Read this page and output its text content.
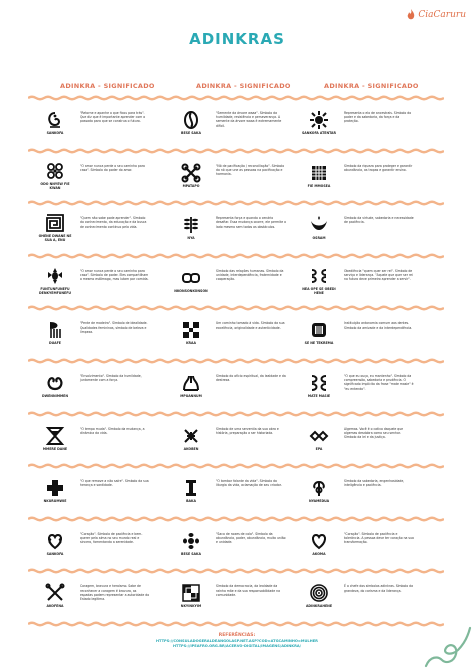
CiaCaruru
ADINKRAS
ADINKRA - SIGNIFICADO	ADINKRA - SIGNIFICADO	ADINKRA - SIGNIFICADO
SANKOFA
"Retorne e apanhe o que ficou para trás". Que diz que é importante aprender com o passado para que se construa o futuro.
BESE SAKA
"Semente da árvore waaa". Símbolo da humildade, resistência e perseverança. A semente da árvore waaa é extremamente difícil.
SANKOFA ATENTAR
Representa o elo de ancestrais. Símbolo do poder e da sabedoria, da força e da proteção.
ODO NNYEW FIE KWAN
"O amor nunca perde o seu caminho para casa". Símbolo do poder do amor.
MPATAPO
"Nó de pacificação / reconciliação". Símbolo do nó que une as pessoas na pacificação e harmonia.
FIE MMOSEA
Símbolo da riqueza para proteger e garantir abundância, as tropas e garantir ensino.
OHENE DWANE NE SUA A, ENU
"Quem não sabe pode aprender". Símbolo do conhecimento, da educação e da busca de conhecimento contínuo pela vida.
NYA
Representa força e quando o cenário desafiar. Essa mudança ocorre, ele permite o lado mesmo sem todos os obstáculos.
OSRAM
Símbolo da virtude, sabedoria e necessidade de paciência.
FUNTUNFUNEFU DENKYEMFUNEFU
"O amor nunca perde o seu caminho para casa". Símbolo de poder. Eles compartilham o mesmo estômago, mas lutam por comida.
NKONSONKONSON
Símbolo das relações humanas. Símbolo da unidade, interdependência, fraternidade e cooperação.
NEA OPE SE OBEDI HENE
Obediência "quem quer ser rei". Símbolo de serviço e liderança. "Aquele que quer ser rei no futuro deve primeiro aprender a servir".
DUAFE
"Pente de madeira". Símbolo de idealidade. Qualidades femininas, símbolo de beleza e limpeza.
KRAA
Um caminho tomado à vida. Símbolo da sua excelência, originalidade e autenticidade.
SE NE TEKREMA
Instituição antonomia comum aos dentes. Símbolo da amizade e da interdependência.
DWENNIMMEN
"Envolvimento". Símbolo da humildade, juntamente com a força.
MPUANNUM
Símbolo do ofício espiritual, da lealdade e da destreza.
MATE MASIE
"O que eu ouço, eu mantenho". Símbolo da compreensão, sabedoria e prudência. O significado implícito da frase "mate masie" é "eu entendo".
MMERE DANE
"O tempo muda". Símbolo da mudança, a dinâmica da vida.
AKOBEN
Símbolo de uma serventia da sua obra e história, preparação a ser historiada.
EPA
Algemas. Você é o cativo daquele que algemas desdobra como seu senhor. Símbolo da lei e da justiça.
NKURUMWIE
"O que remove a não saíre". Símbolo da sua herança e santidade.
BAKA
"O tambor falante da vida". Símbolo da liturgia da vida, aclamação de seu criador.
NYAMEDUA
Símbolo da sabedoria, engenhosidade, inteligência e paciência.
SANKOFA
"Coração". Símbolo de paciência e bem-querer pela alma no seu mundo real e sincero, fomentando a serenidade.
BESE SAKA
"Saco de nozes de cola". Símbolo da abundância, poder, abundância, muita união e unidade.
AKOMA
"Coração". Símbolo de paciência e tolerância. A pessoa deve ter coração na sua transformação.
AKOFENA
Coragem, bravura e heroísmo. Sabe de reconhecer a coragem é bravura, as espadas podem representar a autoridade do Estado legítima.
NKYINKYIM
Símbolo da democracia, da lealdade da rainha mãe e da sua responsabilidade na comunidade.
ADINKRAHENE
É o chefe dos símbolos adinkras. Símbolo da grandeza, do carisma e da liderança.
REFERÊNCIAS:
HTTPS://CONSULADOGERALDEANGOLASP.NET.ASP?COD=ATGCAMINHO=MULHER
HTTPS://IPEAFRO.ORG.BR/ACERVO-DIGITAL/IMAGENS/ADINKRA/
